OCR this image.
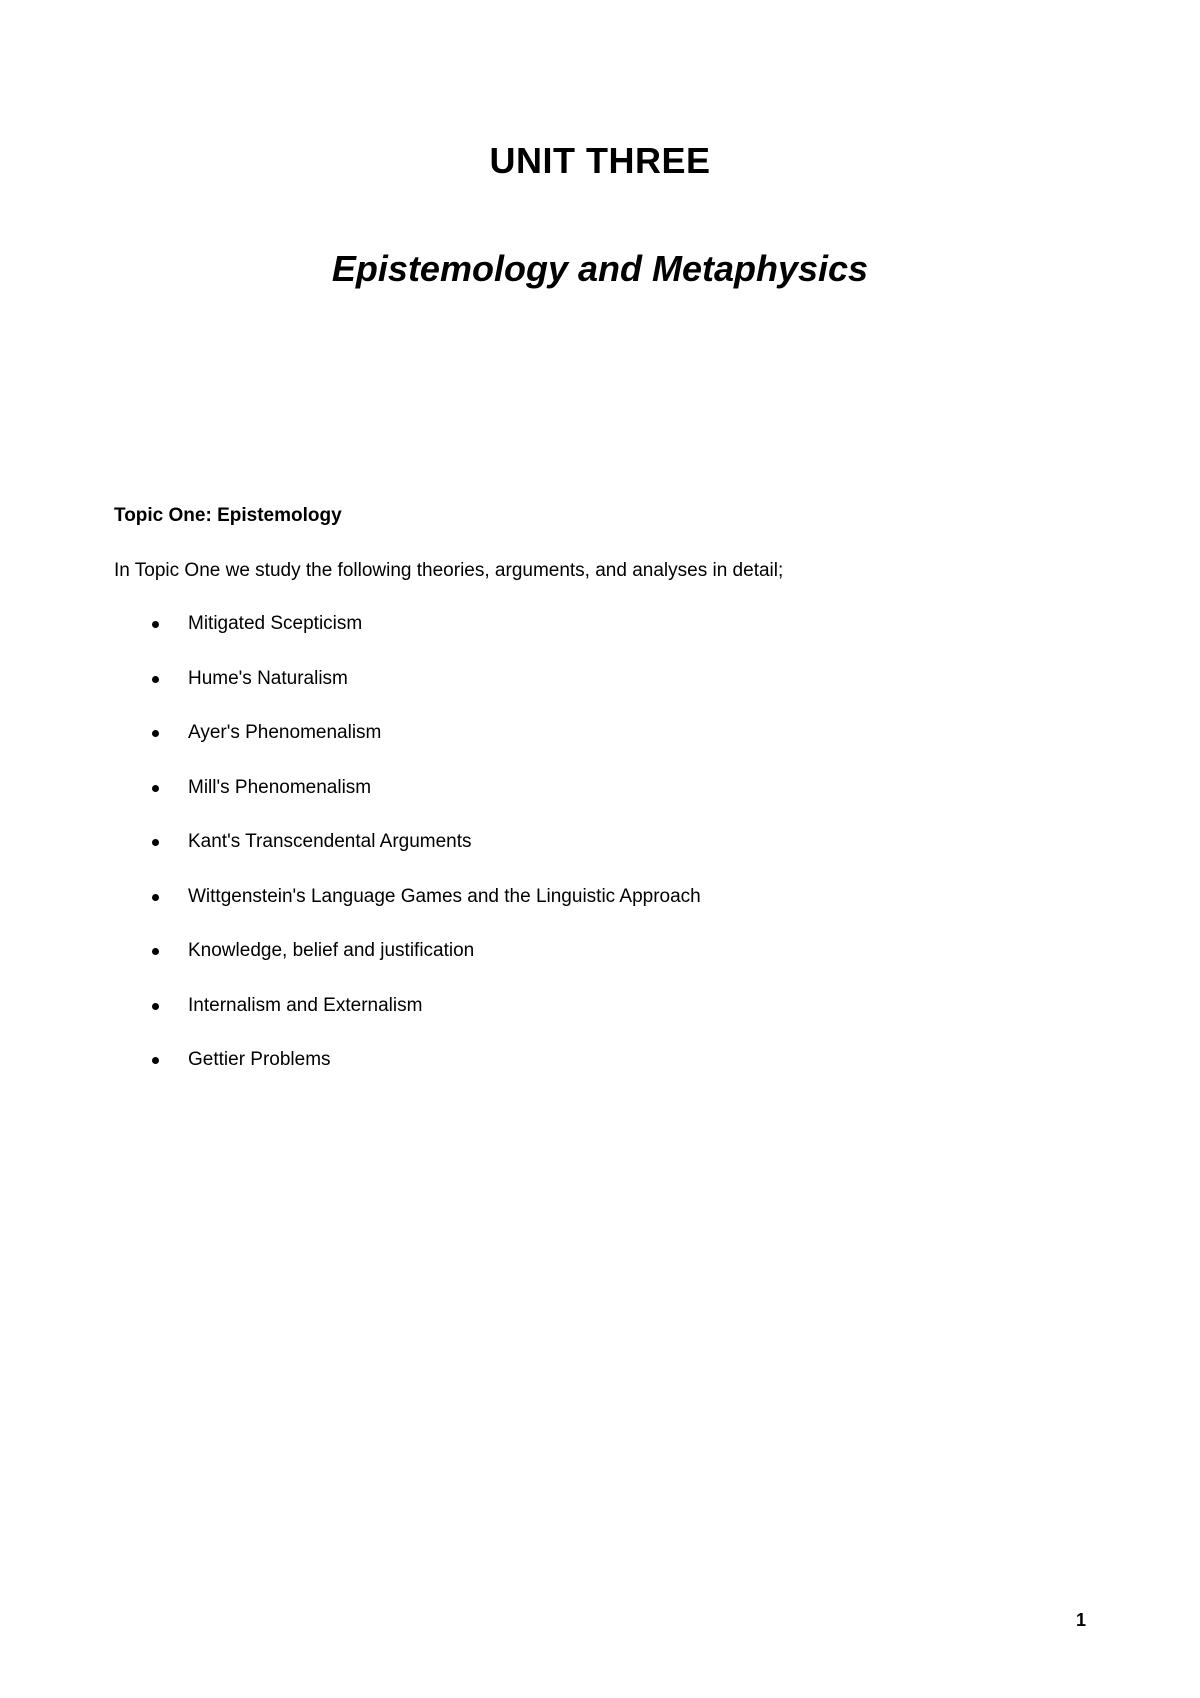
UNIT THREE
Epistemology and Metaphysics
Topic One: Epistemology
In Topic One we study the following theories, arguments, and analyses in detail;
Mitigated Scepticism
Hume's Naturalism
Ayer's Phenomenalism
Mill's Phenomenalism
Kant's Transcendental Arguments
Wittgenstein's Language Games and the Linguistic Approach
Knowledge, belief and justification
Internalism and Externalism
Gettier Problems
1
